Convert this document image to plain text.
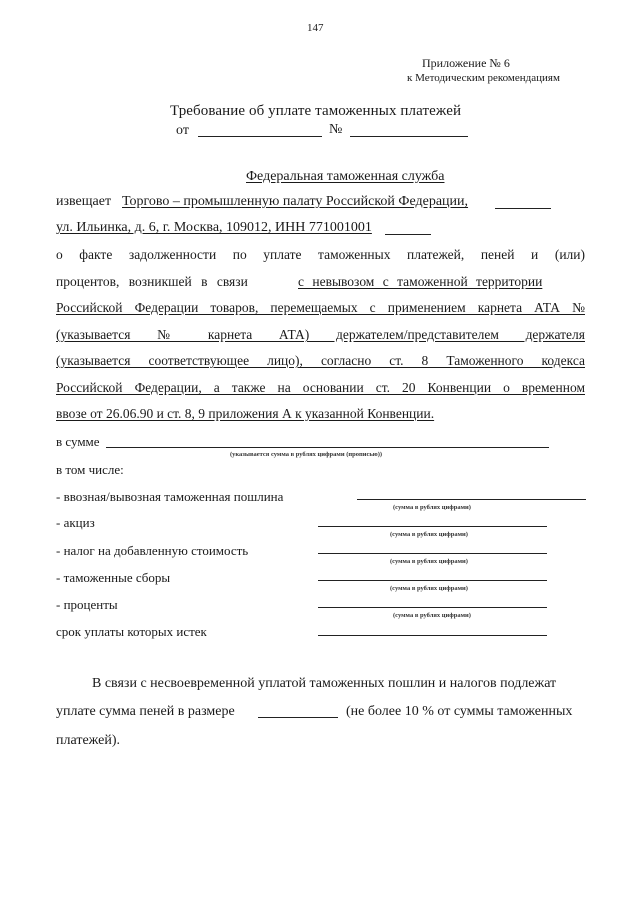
147
Приложение № 6
к Методическим рекомендациям
Требование об уплате таможенных платежей
от	№
Федеральная таможенная служба
извещает Торгово – промышленную палату Российской Федерации,
ул. Ильинка, д. 6, г. Москва, 109012, ИНН 771001001
о факте задолженности по уплате таможенных платежей, пеней и (или)
процентов, возникшей в связи	с невывозом с таможенной территории
Российской Федерации товаров, перемещаемых с применением карнета АТА №
(указывается № карнета АТА) держателем/представителем держателя
(указывается соответствующее лицо), согласно ст. 8 Таможенного кодекса
Российской Федерации, а также на основании ст. 20 Конвенции о временном
ввозе от 26.06.90 и ст. 8, 9 приложения А к указанной Конвенции.
в сумме
(указывается сумма в рублях цифрами (прописью))
в том числе:
- ввозная/вывозная таможенная пошлина
(сумма в рублях цифрами)
- акциз
(сумма в рублях цифрами)
- налог на добавленную стоимость
(сумма в рублях цифрами)
- таможенные сборы
(сумма в рублях цифрами)
- проценты
(сумма в рублях цифрами)
срок уплаты которых истек
В связи с несвоевременной уплатой таможенных пошлин и налогов подлежат
уплате сумма пеней в размере	(не более 10 % от суммы таможенных
платежей).
